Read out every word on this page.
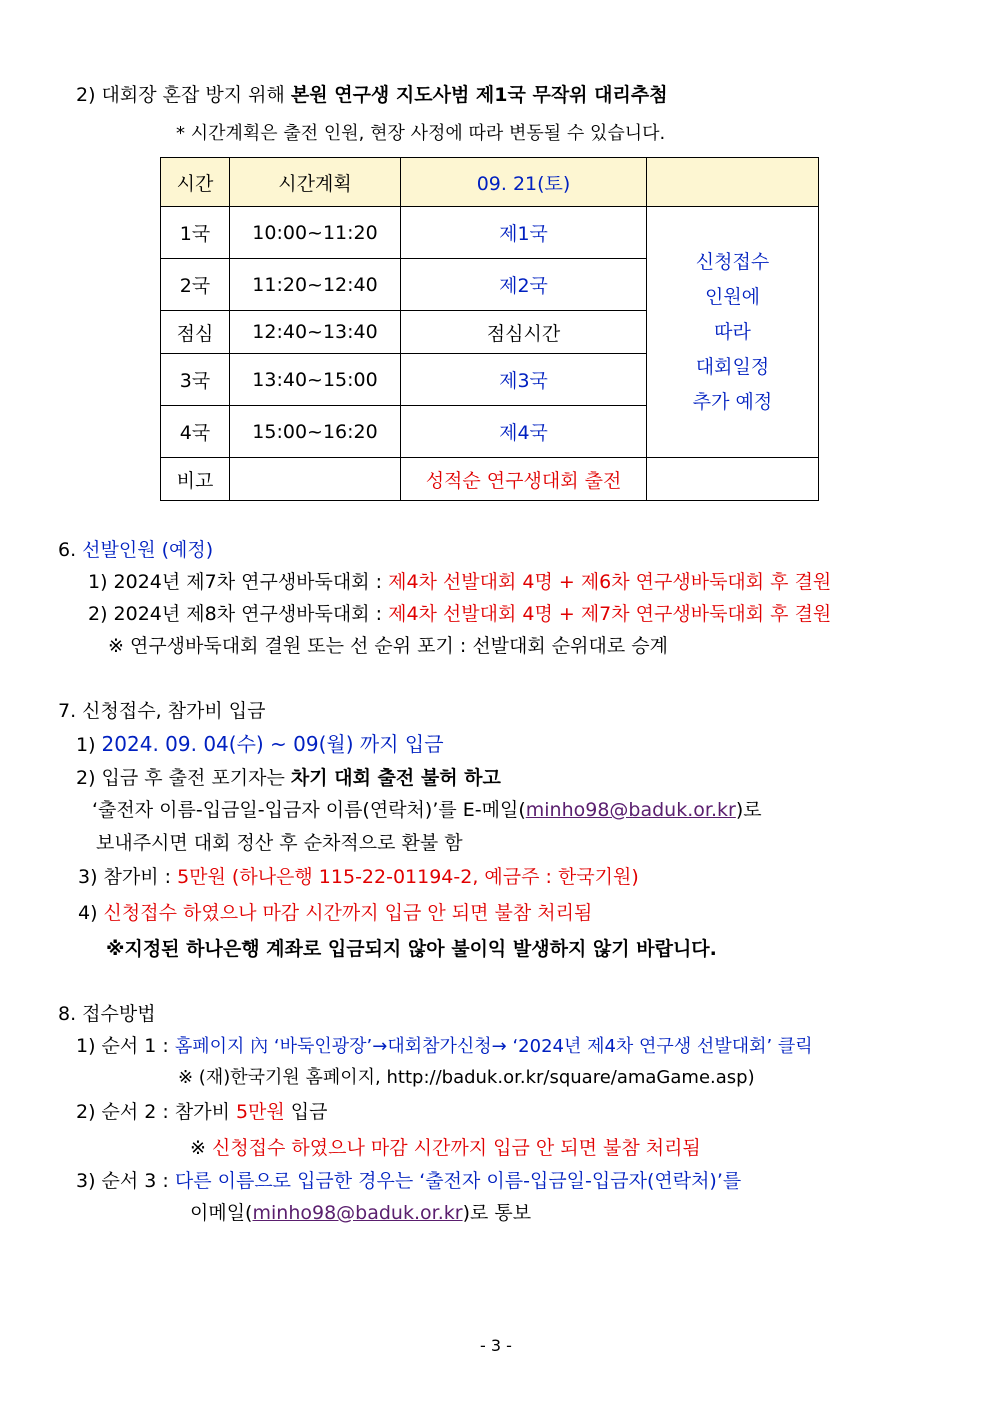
2) 대회장 혼잡 방지 위해 본원 연구생 지도사범 제1국 무작위 대리추첨
* 시간계획은 출전 인원, 현장 사정에 따라 변동될 수 있습니다.
시간	시간계획	09. 21(토)	
1국	10:00~11:20	제1국	신청접수
인원에
따라
대회일정
추가 예정

2국	11:20~12:40	제2국	
점심	12:40~13:40	점심시간	
3국	13:40~15:00	제3국	
4국	15:00~16:20	제4국	
비고		성적순 연구생대회 출전	
6. 선발인원 (예정)
1) 2024년 제7차 연구생바둑대회 : 제4차 선발대회 4명 + 제6차 연구생바둑대회 후 결원
2) 2024년 제8차 연구생바둑대회 : 제4차 선발대회 4명 + 제7차 연구생바둑대회 후 결원
※ 연구생바둑대회 결원 또는 선 순위 포기 : 선발대회 순위대로 승계
7. 신청접수, 참가비 입금
1) 2024. 09. 04(수) ~ 09(월) 까지 입금
2) 입금 후 출전 포기자는 차기 대회 출전 불허 하고
‘출전자 이름-입금일-입금자 이름(연락처)’를 E-메일(minho98@baduk.or.kr)로
보내주시면 대회 정산 후 순차적으로 환불 함
3) 참가비 : 5만원 (하나은행 115-22-01194-2, 예금주 : 한국기원)
4) 신청접수 하였으나 마감 시간까지 입금 안 되면 불참 처리됨
※지정된 하나은행 계좌로 입금되지 않아 불이익 발생하지 않기 바랍니다.
8. 접수방법
1) 순서 1 : 홈페이지 內 ‘바둑인광장’→대회참가신청→ ‘2024년 제4차 연구생 선발대회’ 클릭
※ (재)한국기원 홈페이지, http://baduk.or.kr/square/amaGame.asp)
2) 순서 2 : 참가비 5만원 입금
※ 신청접수 하였으나 마감 시간까지 입금 안 되면 불참 처리됨
3) 순서 3 : 다른 이름으로 입금한 경우는 ‘출전자 이름-입금일-입금자(연락처)’를
이메일(minho98@baduk.or.kr)로 통보
- 3 -
